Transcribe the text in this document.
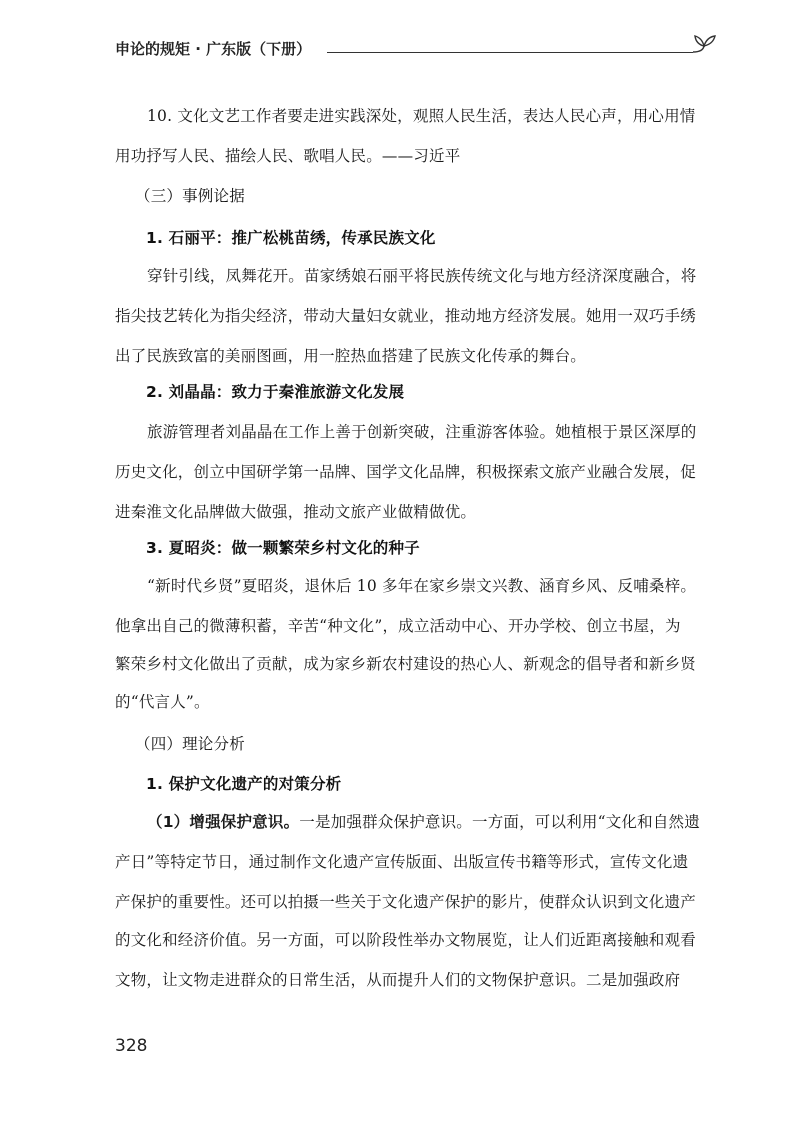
申论的规矩 · 广东版（下册）
10. 文化文艺工作者要走进实践深处，观照人民生活，表达人民心声，用心用情
用功抒写人民、描绘人民、歌唱人民。——习近平
（三）事例论据
1. 石丽平：推广松桃苗绣，传承民族文化
穿针引线，凤舞花开。苗家绣娘石丽平将民族传统文化与地方经济深度融合，将
指尖技艺转化为指尖经济，带动大量妇女就业，推动地方经济发展。她用一双巧手绣
出了民族致富的美丽图画，用一腔热血搭建了民族文化传承的舞台。
2. 刘晶晶：致力于秦淮旅游文化发展
旅游管理者刘晶晶在工作上善于创新突破，注重游客体验。她植根于景区深厚的
历史文化，创立中国研学第一品牌、国学文化品牌，积极探索文旅产业融合发展，促
进秦淮文化品牌做大做强，推动文旅产业做精做优。
3. 夏昭炎：做一颗繁荣乡村文化的种子
“新时代乡贤”夏昭炎，退休后 10 多年在家乡崇文兴教、涵育乡风、反哺桑梓。
他拿出自己的微薄积蓄，辛苦“种文化”，成立活动中心、开办学校、创立书屋，为
繁荣乡村文化做出了贡献，成为家乡新农村建设的热心人、新观念的倡导者和新乡贤
的“代言人”。
（四）理论分析
1. 保护文化遗产的对策分析
（1）增强保护意识。一是加强群众保护意识。一方面，可以利用“文化和自然遗
产日”等特定节日，通过制作文化遗产宣传版面、出版宣传书籍等形式，宣传文化遗
产保护的重要性。还可以拍摄一些关于文化遗产保护的影片，使群众认识到文化遗产
的文化和经济价值。另一方面，可以阶段性举办文物展览，让人们近距离接触和观看
文物，让文物走进群众的日常生活，从而提升人们的文物保护意识。二是加强政府
328
